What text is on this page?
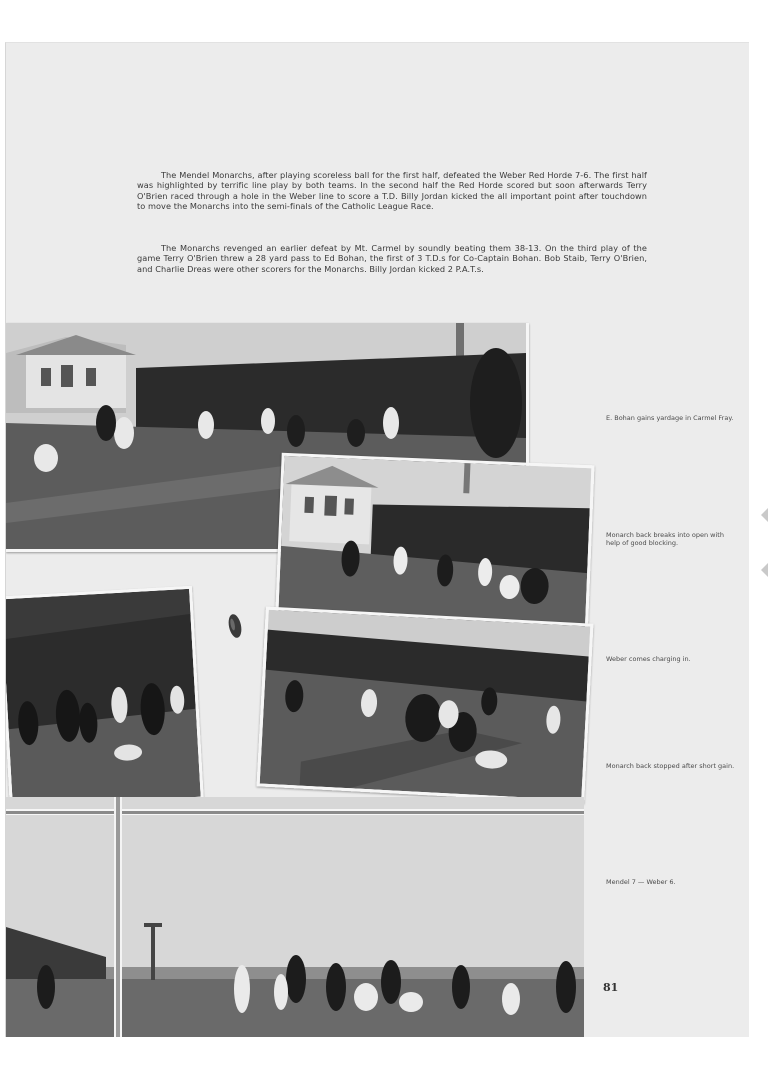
The Mendel Monarchs, after playing scoreless ball for the first half, defeated the Weber Red Horde 7-6. The first half was highlighted by terrific line play by both teams. In the second half the Red Horde scored but soon afterwards Terry O'Brien raced through a hole in the Weber line to score a T.D. Billy Jordan kicked the all important point after touchdown to move the Monarchs into the semi-finals of the Catholic League Race.

The Monarchs revenged an earlier defeat by Mt. Carmel by soundly beating them 38-13. On the third play of the game Terry O'Brien threw a 28 yard pass to Ed Bohan, the first of 3 T.D.s for Co-Captain Bohan. Bob Staib, Terry O'Brien, and Charlie Dreas were other scorers for the Monarchs. Billy Jordan kicked 2 P.A.T.s.

E. Bohan gains yardage in Carmel Fray.

Monarch back breaks into open with help of good blocking.

Weber comes charging in.

Monarch back stopped after short gain.

Mendel 7 — Weber 6.

81
